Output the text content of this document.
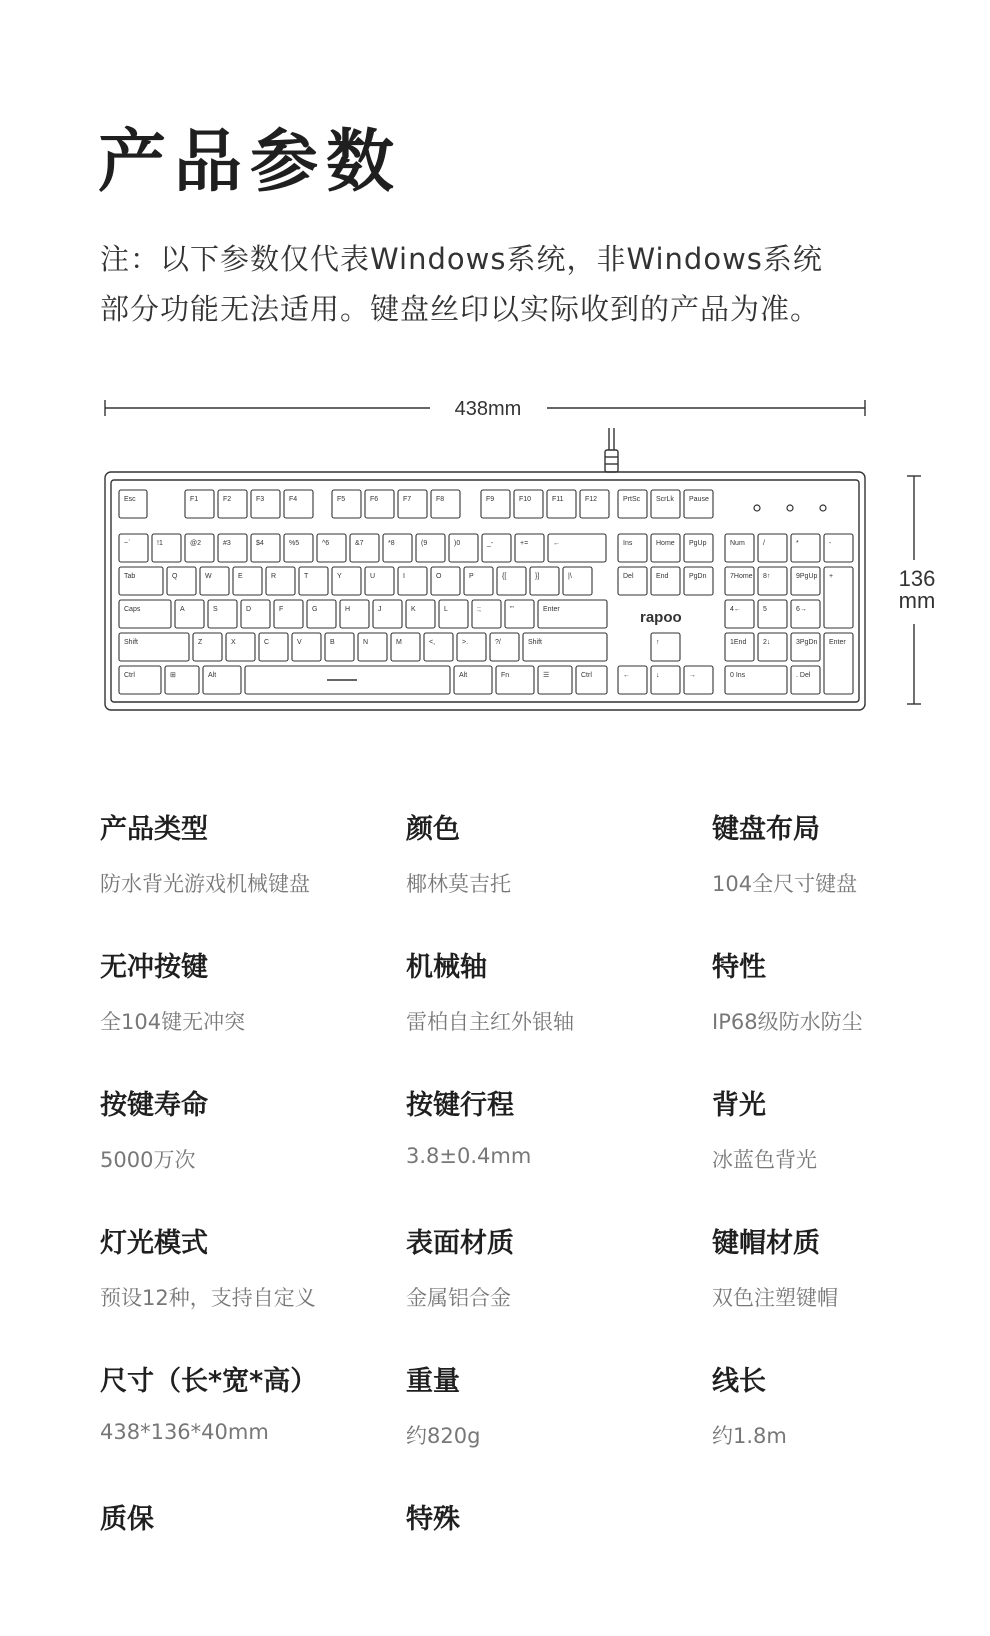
产品参数
注：以下参数仅代表Windows系统，非Windows系统
部分功能无法适用。键盘丝印以实际收到的产品为准。
438mm
136
mm
rapoo
Esc	F1	F2	F3	F4	F5	F6	F7	F8	F9	F10	F11	F12	PrtSc ScrLk Pause
~`	!1	@2	#3	$4	%5	^6	&7	*8	(9	)0	_-	+=	←	Ins	Home PgUp	Num	/	*	-
Tab	Q	W	E	R	T	Y	U	I	O	P	{[	}]	|\	Del	End	PgDn	7Home 8↑	9PgUp +
Caps	A	S	D	F	G	H	J	K	L	:;	"'	Enter	4←	5	6→
Shift	Z	X	C	V	B	N	M	<,	>.	?/	Shift	↑	1End 2↓	3PgDn Enter
Ctrl	⊞	Alt	Alt	Fn	☰	Ctrl	←	↓	→	0 Ins	. Del
产品类型
防水背光游戏机械键盘
颜色
椰林莫吉托
键盘布局
104全尺寸键盘
无冲按键
全104键无冲突
机械轴
雷柏自主红外银轴
特性
IP68级防水防尘
按键寿命
5000万次
按键行程
3.8±0.4mm
背光
冰蓝色背光
灯光模式
预设12种，支持自定义
表面材质
金属铝合金
键帽材质
双色注塑键帽
尺寸（长*宽*高）
438*136*40mm
重量
约820g
线长
约1.8m
质保	特殊
